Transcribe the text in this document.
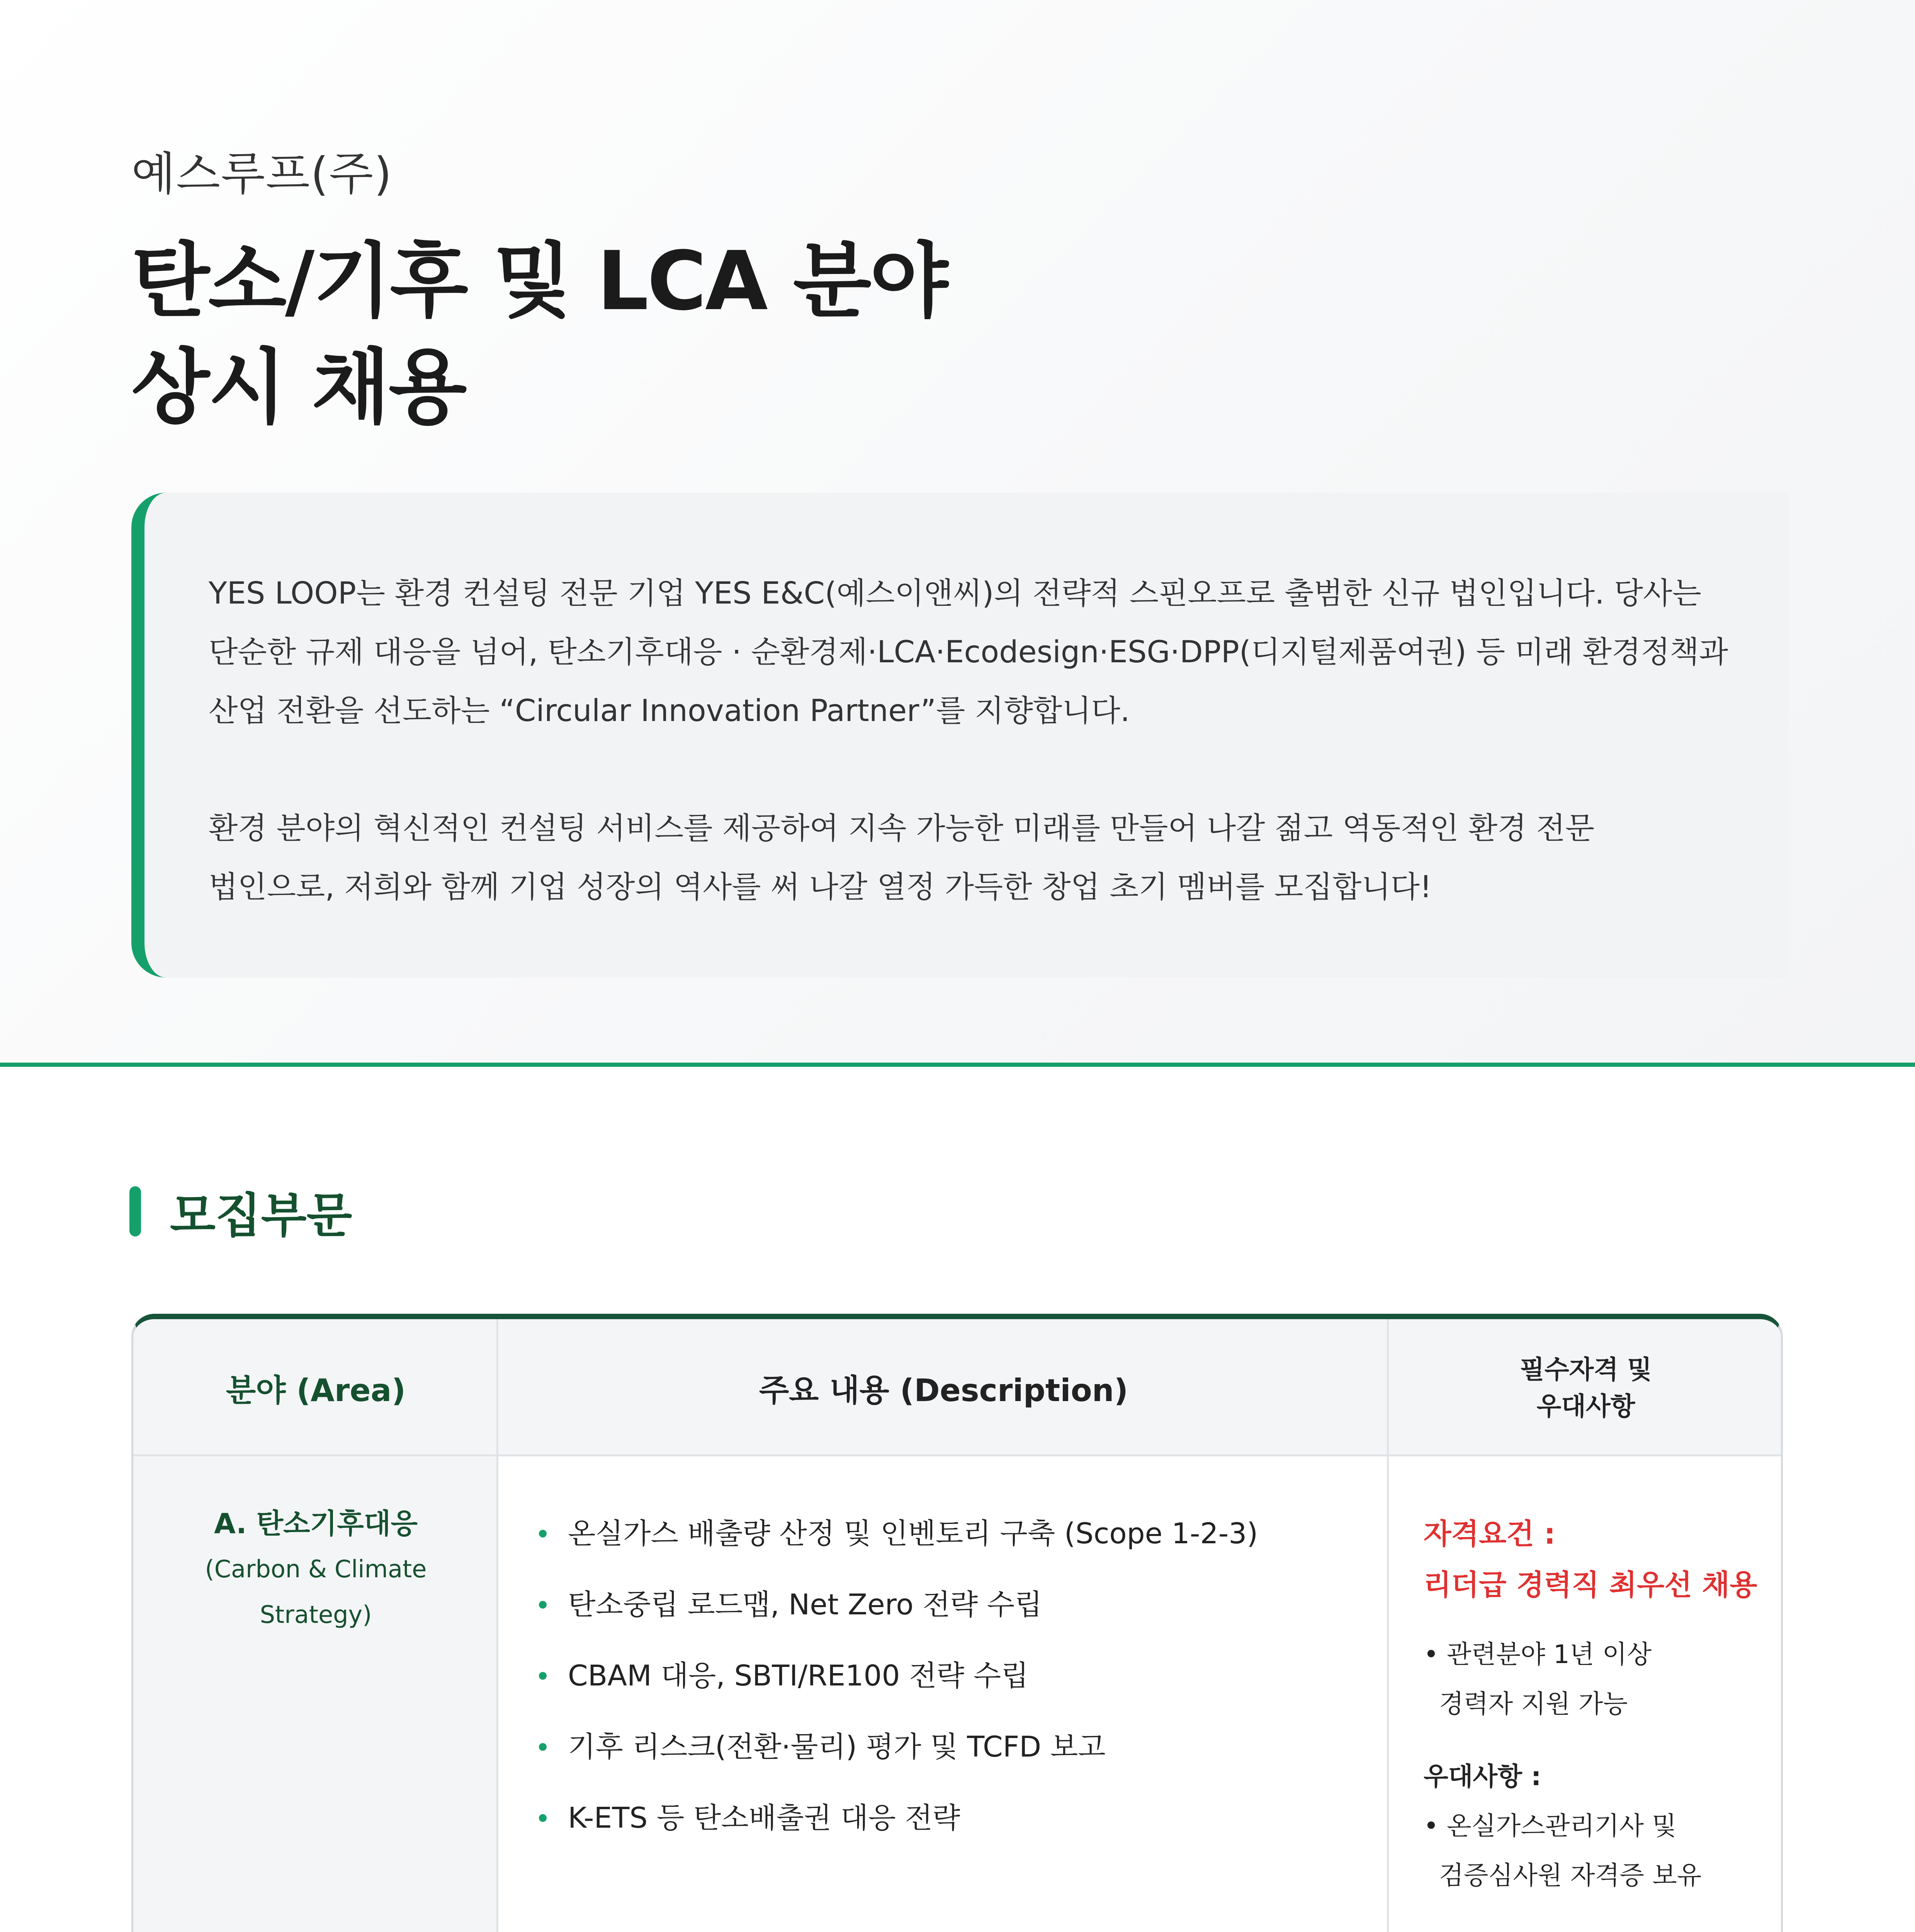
예스루프(주)
탄소/기후 및 LCA 분야
상시 채용

YES LOOP는 환경 컨설팅 전문 기업 YES E&C(예스이앤씨)의 전략적 스핀오프로 출범한 신규 법인입니다. 당사는

단순한 규제 대응을 넘어, 탄소기후대응 · 순환경제·LCA·Ecodesign·ESG·DPP(디지털제품여권) 등 미래 환경정책과

산업 전환을 선도하는 “Circular Innovation Partner”를 지향합니다.

환경 분야의 혁신적인 컨설팅 서비스를 제공하여 지속 가능한 미래를 만들어 나갈 젊고 역동적인 환경 전문

법인으로, 저희와 함께 기업 성장의 역사를 써 나갈 열정 가득한 창업 초기 멤버를 모집합니다!

모집부문
분야 (Area)	주요 내용 (Description)
필수자격 및
우대사항
A. 탄소기후대응
(Carbon & Climate
Strategy)
온실가스 배출량 산정 및 인벤토리 구축 (Scope 1-2-3)
탄소중립 로드맵, Net Zero 전략 수립
CBAM 대응, SBTI/RE100 전략 수립
기후 리스크(전환·물리) 평가 및 TCFD 보고
K-ETS 등 탄소배출권 대응 전략
자격요건 :
리더급 경력직 최우선 채용
• 관련분야 1년 이상
경력자 지원 가능
우대사항 :
• 온실가스관리기사 및
검증심사원 자격증 보유
